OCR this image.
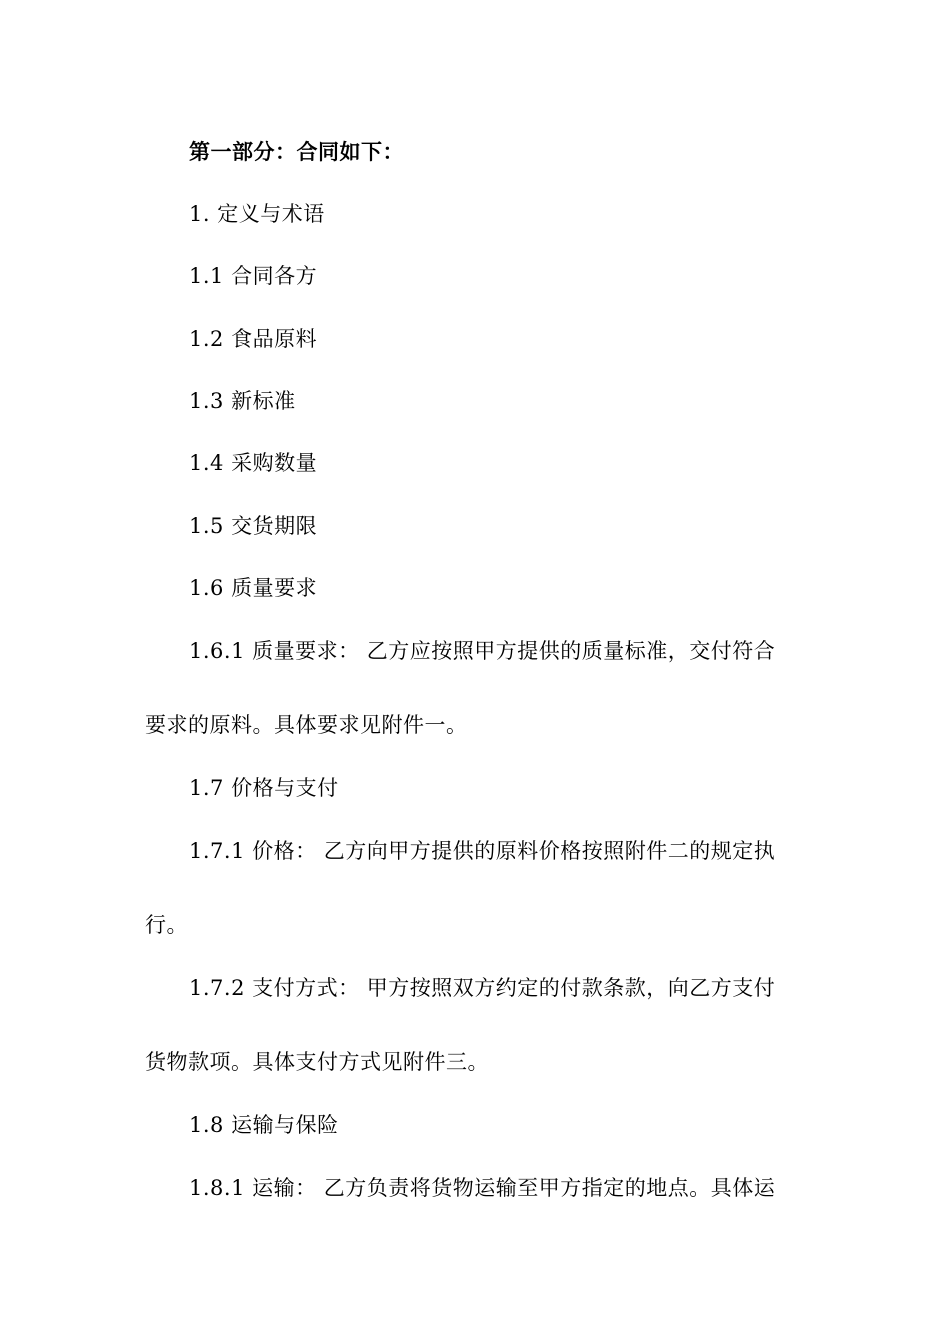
第一部分：合同如下：
1. 定义与术语
1.1 合同各方
1.2 食品原料
1.3 新标准
1.4 采购数量
1.5 交货期限
1.6 质量要求
1.6.1 质量要求： 乙方应按照甲方提供的质量标准，交付符合
要求的原料。具体要求见附件一。
1.7 价格与支付
1.7.1 价格： 乙方向甲方提供的原料价格按照附件二的规定执
行。
1.7.2 支付方式： 甲方按照双方约定的付款条款，向乙方支付
货物款项。具体支付方式见附件三。
1.8 运输与保险
1.8.1 运输： 乙方负责将货物运输至甲方指定的地点。具体运
